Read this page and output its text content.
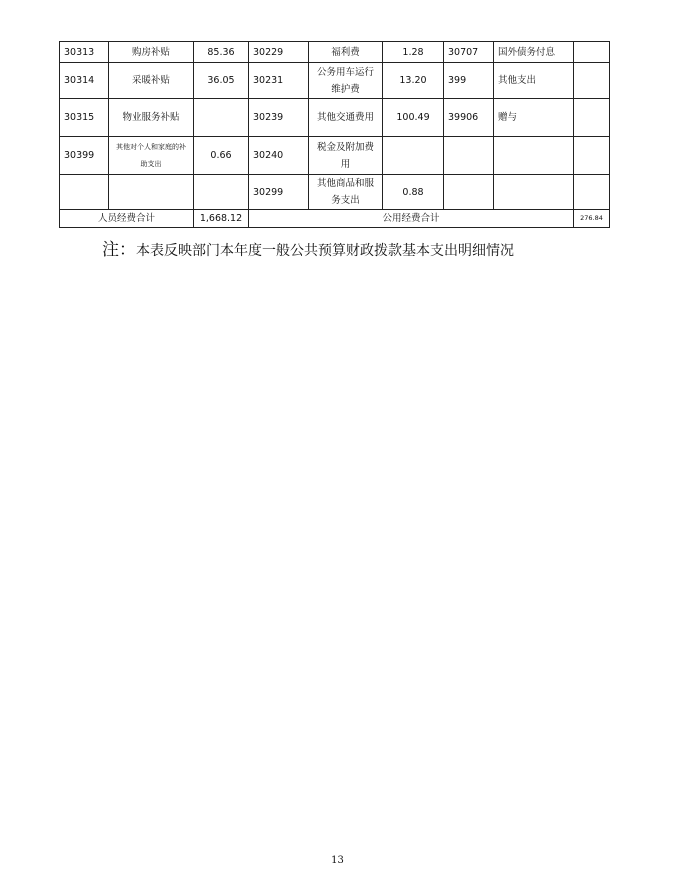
30313	购房补贴	85.36	30229	福利费	1.28	30707	国外债务付息	
30314	采暖补贴	36.05	30231	公务用车运行维护费	13.20	399	其他支出	
30315	物业服务补贴		30239	其他交通费用	100.49	39906	赠与	
30399	其他对个人和家庭的补助支出	0.66	30240	税金及附加费用				
			30299	其他商品和服务支出	0.88			
人员经费合计		1,668.12	公用经费合计					276.84
注：本表反映部门本年度一般公共预算财政拨款基本支出明细情况
13
